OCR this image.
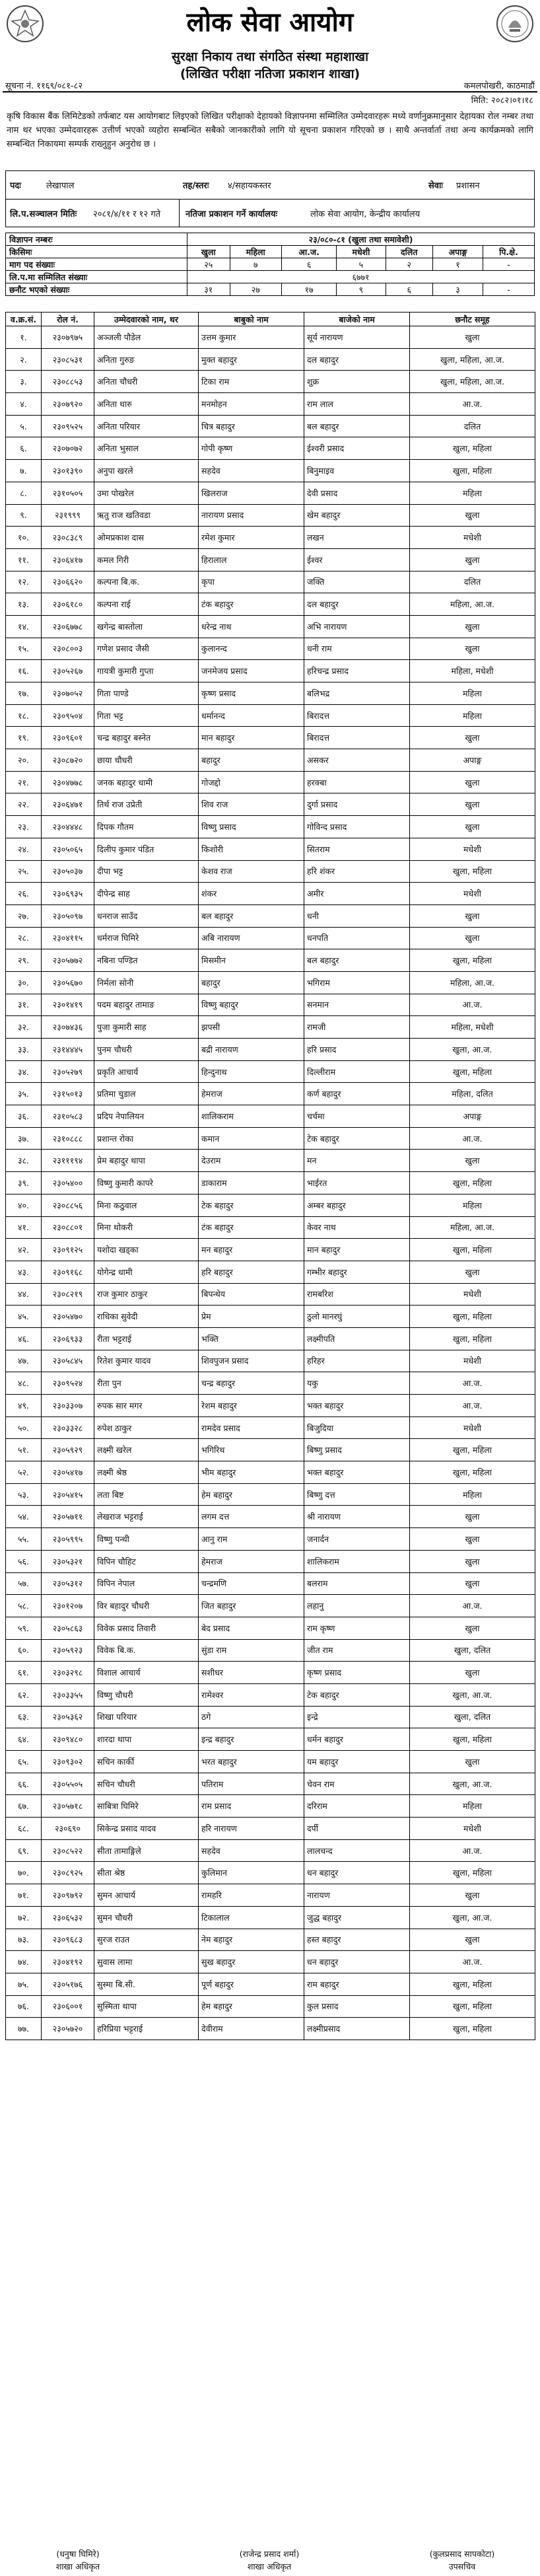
लोक सेवा आयोग
सुरक्षा निकाय तथा संगठित संस्था महाशाखा
(लिखित परीक्षा नतिजा प्रकाशन शाखा)
सूचना नं. ११६९/०८१-८२	कमलपोखरी, काठमाडौं
मिति: २०८२।०१।१८
कृषि विकास बैंक लिमिटेडको तर्फबाट यस आयोगबाट लिइएको लिखित परीक्षाको देहायको विज्ञापनमा सम्मिलित उम्मेदवारहरू मध्ये वर्णानुक्रमानुसार देहायका रोल नम्बर तथा नाम थर भएका उम्मेदवारहरू उत्तीर्ण भएको व्यहोरा सम्बन्धित सबैको जानकारीको लागि यो सूचना प्रकाशन गरिएको छ । साथै अन्तर्वार्ता तथा अन्य कार्यक्रमको लागि सम्बन्धित निकायमा सम्पर्क राख्नुहुन अनुरोध छ ।
पदः	लेखापाल	तह/स्तरः	४/सहायकस्तर	सेवाः	प्रशासन
लि.प.सञ्चालन मितिः	२०८१/४/११ र १२ गते	नतिजा प्रकाशन गर्ने कार्यालयः	लोक सेवा आयोग, केन्द्रीय कार्यालय
विज्ञापन नम्बरः	२३/०८०-८१ (खुला तथा समावेशी)						
किसिमः	खुला	महिला	आ.ज.	मधेशी	दलित	अपाङ्ग	पि.क्षे.
माग पद संख्याः	२५	७	६	५	२	१	-
लि.प.मा सम्मिलित संख्याः	६७७१						
छनौट भएको संख्याः	३१	२७	१७	९	६	३	-
व.क्र.सं.	रोल नं.	उम्मेदवारको नाम, थर	बाबुको नाम	बाजेको नाम	छनौट समूह
१.	२३०७९७५	अञ्जली पौडेल	उत्तम कुमार	सूर्य नारायण	खुला
२.	२३०८५३१	अनिता गुरुङ	मुक्त बहादुर	दल बहादुर	खुला, महिला, आ.ज.
३.	२३०८८५३	अनिता चौधरी	टिका राम	शुक्र	खुला, महिला, आ.ज.
४.	२३०७९२०	अनिता थारु	मनमोहन	राम लाल	आ.ज.
५.	२३०९५२५	अनिता परियार	चित्र बहादुर	बल बहादुर	दलित
६.	२३०७०७२	अनिता भुसाल	गोपी कृष्ण	ईश्वरी प्रसाद	खुला, महिला
७.	२३०१३९०	अनुपा खरले	सहदेव	बिनुमाइव	खुला, महिला
८.	२३१०५०५	उमा पोखरेल	खिलराज	देवी प्रसाद	महिला
९.	२३१९९९	ऋतु राज खतिवडा	नारायण प्रसाद	खेम बहादुर	खुला
१०.	२३०८३८९	ओमप्रकाश दास	रमेश कुमार	लखन	मधेशी
११.	२३०६४१७	कमल गिरी	हिरालाल	ईश्वर	खुला
१२.	२३०६६२०	कल्पना बि.क.	कृपा	जक्ति	दलित
१३.	२३०६१८०	कल्पना राई	टंक बहादुर	दल बहादुर	महिला, आ.ज.
१४.	२३०६७७८	खगेन्द्र बास्तोला	धरेन्द्र नाथ	अभि नारायण	खुला
१५.	२३०८००३	गणेश प्रसाद जैसी	कुलानन्द	धनी राम	खुला
१६.	२३०५२६७	गायत्री कुमारी गुप्ता	जनमेजय प्रसाद	हरिचन्द्र प्रसाद	महिला, मधेशी
१७.	२३०७०५२	गिता पाण्डे	कृष्ण प्रसाद	बलिभद्र	महिला
१८.	२३०९५०४	गिता भट्ट	धर्मानन्द	बिरादत्त	महिला
१९.	२३०९६०१	चन्द्र बहादुर बस्नेत	मान बहादुर	बिरादत्त	खुला
२०.	२३०८७२०	छाया चौधरी	बहादुर	असकर	अपाङ्ग
२१.	२३०४७७८	जनक बहादुर धामी	गोजद्दो	हरक्बा	खुला
२२.	२३०६४७१	तिर्थ राज उप्रेती	शिव राज	दुर्गा प्रसाद	खुला
२३.	२३०४४४८	दिपक गौतम	विष्णु प्रसाद	गोविन्द प्रसाद	खुला
२४.	२३०५०६५	दिलीप कुमार पंडित	किशोरी	सितराम	मधेशी
२५.	२३०५०३७	दीपा भट्ट	केशव राज	हरि शंकर	खुला, महिला
२६.	२३०६९३५	दीपेन्द्र साह	शंकर	अमीर	मधेशी
२७.	२३०५०९७	धनराज साउँद	बल बहादुर	धनी	खुला
२८.	२३०४११५	धर्मराज घिमिरे	अबि नारायण	धनपति	खुला
२९.	२३०५७७२	नबिना पण्डित	मिसमीन	बल बहादुर	खुला, महिला
३०.	२३०५६७०	निर्मला सोनी	बहादुर	भगिराम	महिला, आ.ज.
३१.	२३०१४१९	पदम बहादुर तामाङ	विष्णु बहादुर	सनमान	आ.ज.
३२.	२३०७४३६	पुजा कुमारी साह	झपसी	रामजी	महिला, मधेशी
३३.	२३१४४४५	पुनम चौधरी	बद्री नारायण	हरि प्रसाद	खुला, आ.ज.
३४.	२३०५२७९	प्रकृति आचार्य	हिन्दुनाथ	दिल्लीराम	खुला, महिला
३५.	२३१५०१३	प्रतिमा चुडाल	हेमराज	कर्ण बहादुर	महिला, दलित
३६.	२३१०५८३	प्रदिप नेपालियन	शालिकराम	चर्चमा	अपाङ्ग
३७.	२३१०८८८	प्रशान्त रोका	कमान	टेक बहादुर	आ.ज.
३८.	२३१११९४	प्रेम बहादुर थापा	देउराम	मन	खुला
३९.	२३०५४००	विष्णु कुमारी कापरे	डाकाराम	भाईरत	खुला, महिला
४०.	२३०८८५६	मिना कठुवाल	टेक बहादुर	अम्बर बहादुर	महिला
४१.	२३०८८०१	मिना थोकरी	टंक बहादुर	केवर नाथ	महिला, आ.ज.
४२.	२३०९१२५	यशोदा खड्का	मन बहादुर	मान बहादुर	खुला, महिला
४३.	२३०९१६८	योगेन्द्र धामी	हरि बहादुर	गम्भीर बहादुर	खुला
४४.	२३०८२१९	राज कुमार ठाकुर	बिपन्थेय	रामबरिश	मधेशी
४५.	२३०५४७०	राधिका सुवेदी	प्रेम	ठुलो मानरघुं	खुला, महिला
४६.	२३०६९३३	रीता भट्टराई	भक्ति	लक्ष्मीपति	खुला, महिला
४७.	२३०५८४५	रितेश कुमार यादव	शिवपुजन प्रसाद	हरिहर	मधेशी
४८.	२३०९५२४	रीता पुन	चन्द्र बहादुर	यकु	आ.ज.
४९.	२३०३३०७	रुपक सार मगर	रेशम बहादुर	भक्त बहादुर	आ.ज.
५०.	२३०३३२८	रुपेश ठाकुर	रामदेव प्रसाद	बिजुदिया	मधेशी
५१.	२३०५९२९	लक्ष्मी खरेल	भगिरिथ	बिष्णु प्रसाद	खुला, महिला
५२.	२३०५४१७	लक्ष्मी श्रेष्ठ	भीम बहादुर	भक्त बहादुर	खुला, महिला
५३.	२३०५४१५	लता बिष्ट	हेम बहादुर	बिष्णु दत्त	महिला
५४.	२३०५७११	लेखराज भट्टराई	लगम दत्त	श्री नारायण	खुला
५५.	२३०५९९५	विष्णु पन्थी	आनु राम	जनार्दन	खुला
५६.	२३०५३२१	विपिन चौहिट	हेमराज	शालिकराम	खुला
५७.	२३०५३१२	विपिन नेपाल	चन्द्रमणि	बलराम	खुला
५८.	२३०१२०७	विर बहादुर चौधरी	जित बहादुर	लहानु	आ.ज.
५९.	२३०५८६३	विवेक प्रसाद तिवारी	बेद प्रसाद	राम कृष्ण	खुला
६०.	२३०५९२३	विवेक बि.क.	सुंडा राम	जीत राम	खुला, दलित
६१.	२३०३२९८	विशाल आचार्य	सशीधर	कृष्ण प्रसाद	खुला
६२.	२३०३३५५	विष्णु चौधरी	रामेश्वर	टेक बहादुर	खुला, आ.ज.
६३.	२३०५३६२	शिखा परियार	ठगे	इन्द्रे	खुला, दलित
६४.	२३०९४८०	शारदा थापा	इन्द्र बहादुर	धर्मन बहादुर	खुला, महिला
६५.	२३०९३०२	सचिन कार्की	भरत बहादुर	यम बहादुर	खुला
६६.	२३०५५०५	सचिन चौधरी	पतिराम	चेवन राम	खुला, आ.ज.
६७.	२३०५७१८	साबित्रा घिमिरे	राम प्रसाद	दरिराम	महिला
६८.	२३०६९०	सिकेन्द्र प्रसाद यादव	हरि नारायण	दर्पी	मधेशी
६९.	२३०८५२२	सीता तामाङ्गिले	सहदेव	लालचन्द	आ.ज.
७०.	२३०८९२५	सीता श्रेष्ठ	कुलिमान	धन बहादुर	खुला, महिला
७१.	२३०९७९२	सुमन आचार्य	रामहरि	नारायण	खुला
७२.	२३०६५३२	सुमन चौधरी	टिकालाल	जुद्ध बहादुर	खुला, आ.ज.
७३.	२३०९६८३	सुरज राउत	नेम बहादुर	हस्त बहादुर	खुला
७४.	२३०४१९२	सुवास लामा	सुख बहादुर	धन बहादुर	आ.ज.
७५.	२३०५१७६	सुस्मा बि.सी.	पूर्ण बहादुर	राम बहादुर	खुला, महिला
७६.	२३०६००१	सुस्मिता थापा	हेम बहादुर	कुल प्रसाद	खुला, महिला
७७.	२३०५७२०	हरिप्रिया भट्टराई	देवीराम	लक्ष्मीप्रसाद	खुला, महिला
(धनुषा घिमिरे)
शाखा अधिकृत
(राजेन्द्र प्रसाद शर्मा)
शाखा अधिकृत
(कुलप्रसाद सापकोटा)
उपसचिव
